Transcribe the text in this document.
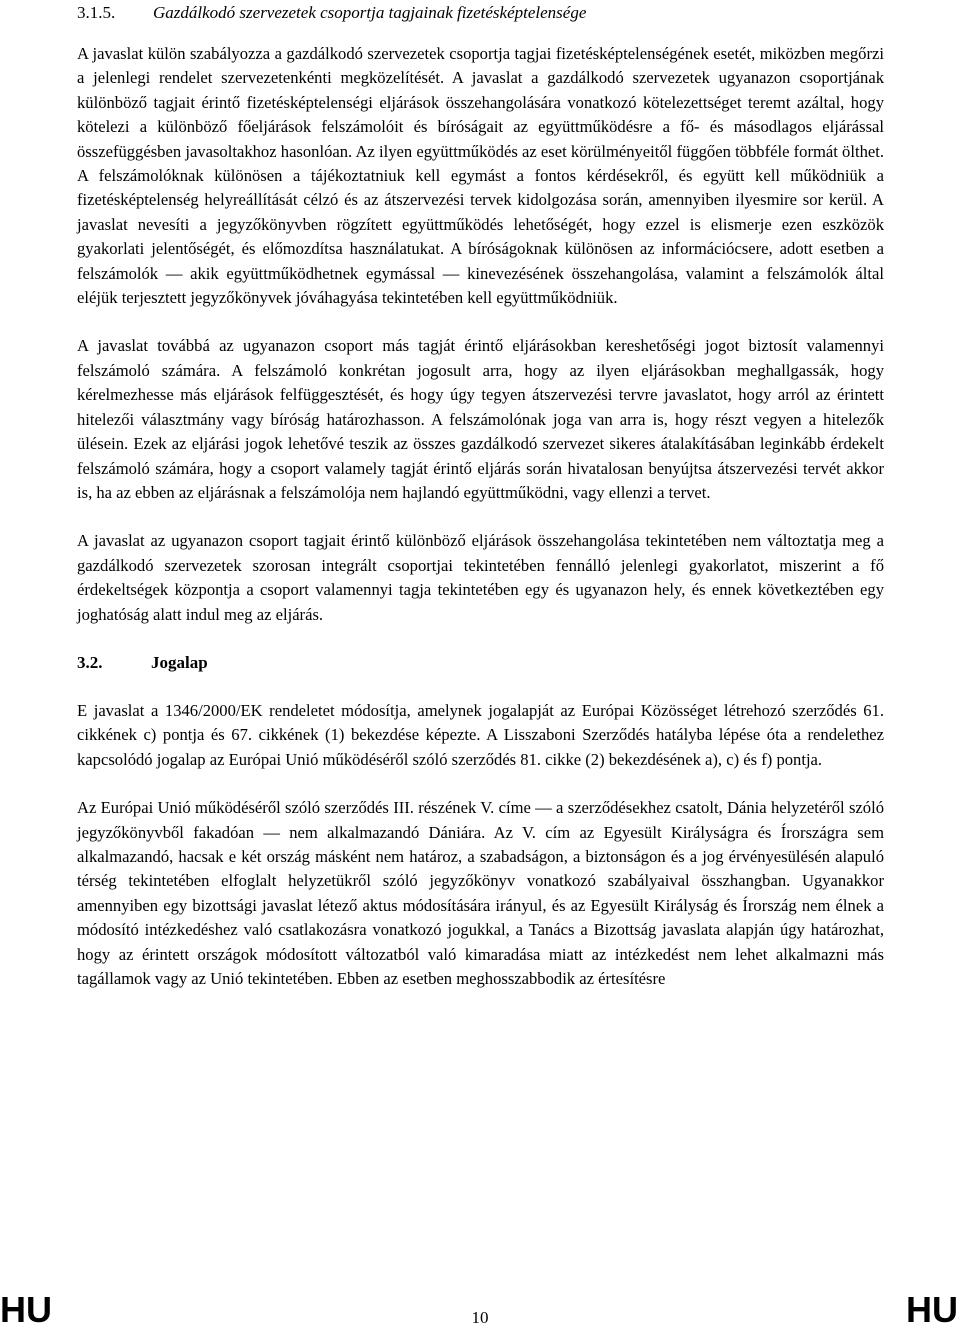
3.1.5. Gazdálkodó szervezetek csoportja tagjainak fizetésképtelensége

A javaslat külön szabályozza a gazdálkodó szervezetek csoportja tagjai fizetésképtelenségének esetét, miközben megőrzi a jelenlegi rendelet szervezetenkénti megközelítését. A javaslat a gazdálkodó szervezetek ugyanazon csoportjának különböző tagjait érintő fizetésképtelenségi eljárások összehangolására vonatkozó kötelezettséget teremt azáltal, hogy kötelezi a különböző főeljárások felszámolóit és bíróságait az együttműködésre a fő- és másodlagos eljárással összefüggésben javasoltakhoz hasonlóan. Az ilyen együttműködés az eset körülményeitől függően többféle formát ölthet. A felszámolóknak különösen a tájékoztatniuk kell egymást a fontos kérdésekről, és együtt kell működniük a fizetésképtelenség helyreállítását célzó és az átszervezési tervek kidolgozása során, amennyiben ilyesmire sor kerül. A javaslat nevesíti a jegyzőkönyvben rögzített együttműködés lehetőségét, hogy ezzel is elismerje ezen eszközök gyakorlati jelentőségét, és előmozdítsa használatukat. A bíróságoknak különösen az információcsere, adott esetben a felszámolók — akik együttműködhetnek egymással — kinevezésének összehangolása, valamint a felszámolók által eléjük terjesztett jegyzőkönyvek jóváhagyása tekintetében kell együttműködniük.

A javaslat továbbá az ugyanazon csoport más tagját érintő eljárásokban kereshetőségi jogot biztosít valamennyi felszámoló számára. A felszámoló konkrétan jogosult arra, hogy az ilyen eljárásokban meghallgassák, hogy kérelmezhesse más eljárások felfüggesztését, és hogy úgy tegyen átszervezési tervre javaslatot, hogy arról az érintett hitelezői választmány vagy bíróság határozhasson. A felszámolónak joga van arra is, hogy részt vegyen a hitelezők ülésein. Ezek az eljárási jogok lehetővé teszik az összes gazdálkodó szervezet sikeres átalakításában leginkább érdekelt felszámoló számára, hogy a csoport valamely tagját érintő eljárás során hivatalosan benyújtsa átszervezési tervét akkor is, ha az ebben az eljárásnak a felszámolója nem hajlandó együttműködni, vagy ellenzi a tervet.

A javaslat az ugyanazon csoport tagjait érintő különböző eljárások összehangolása tekintetében nem változtatja meg a gazdálkodó szervezetek szorosan integrált csoportjai tekintetében fennálló jelenlegi gyakorlatot, miszerint a fő érdekeltségek központja a csoport valamennyi tagja tekintetében egy és ugyanazon hely, és ennek következtében egy joghatóság alatt indul meg az eljárás.

3.2.	Jogalap

E javaslat a 1346/2000/EK rendeletet módosítja, amelynek jogalapját az Európai Közösséget létrehozó szerződés 61. cikkének c) pontja és 67. cikkének (1) bekezdése képezte. A Lisszaboni Szerződés hatályba lépése óta a rendelethez kapcsolódó jogalap az Európai Unió működéséről szóló szerződés 81. cikke (2) bekezdésének a), c) és f) pontja.

Az Európai Unió működéséről szóló szerződés III. részének V. címe — a szerződésekhez csatolt, Dánia helyzetéről szóló jegyzőkönyvből fakadóan — nem alkalmazandó Dániára. Az V. cím az Egyesült Királyságra és Írországra sem alkalmazandó, hacsak e két ország másként nem határoz, a szabadságon, a biztonságon és a jog érvényesülésén alapuló térség tekintetében elfoglalt helyzetükről szóló jegyzőkönyv vonatkozó szabályaival összhangban. Ugyanakkor amennyiben egy bizottsági javaslat létező aktus módosítására irányul, és az Egyesült Királyság és Írország nem élnek a módosító intézkedéshez való csatlakozásra vonatkozó jogukkal, a Tanács a Bizottság javaslata alapján úgy határozhat, hogy az érintett országok módosított változatból való kimaradása miatt az intézkedést nem lehet alkalmazni más tagállamok vagy az Unió tekintetében. Ebben az esetben meghosszabbodik az értesítésre

HU	10	HU
